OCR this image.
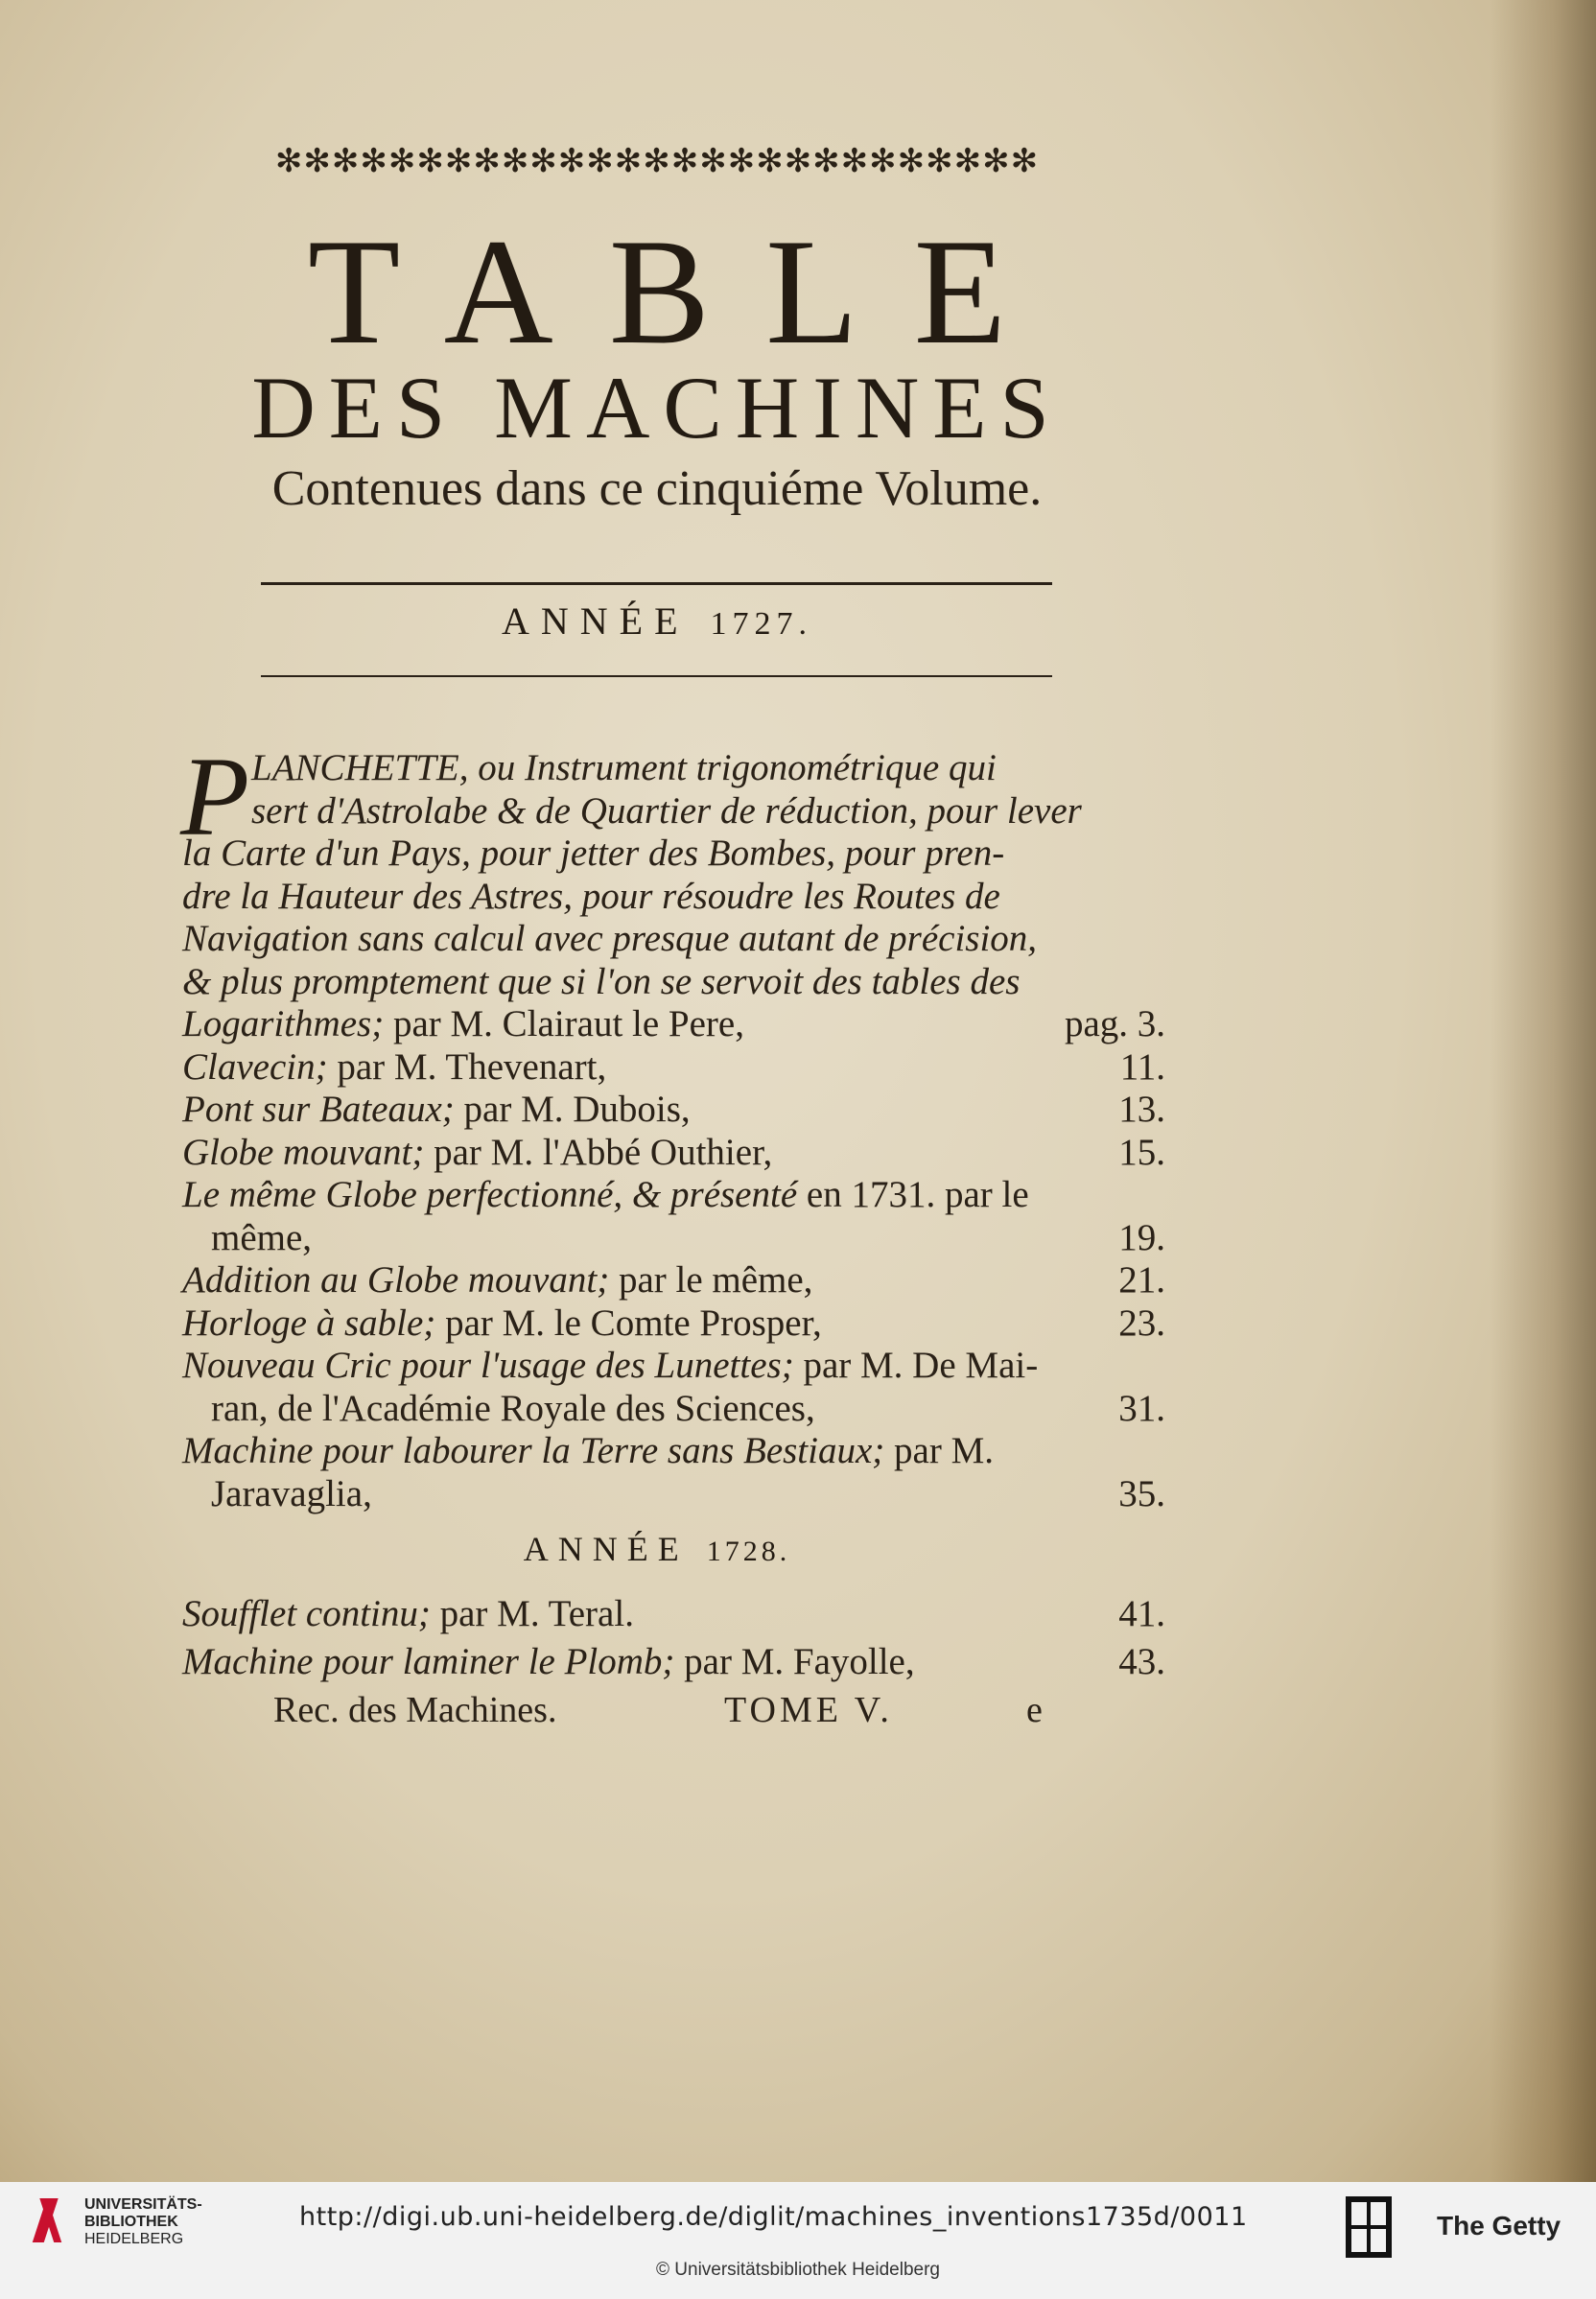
✻✻✻✻✻✻✻✻✻✻✻✻✻✻✻✻✻✻✻✻✻✻✻✻✻✻✻
TABLE
DES MACHINES
Contenues dans ce cinquiéme Volume.
ANNÉE 1727.
P LANCHETTE, ou Instrument trigonométrique qui
sert d'Astrolabe & de Quartier de réduction, pour lever
la Carte d'un Pays, pour jetter des Bombes, pour pren-
dre la Hauteur des Astres, pour résoudre les Routes de
Navigation sans calcul avec presque autant de précision,
& plus promptement que si l'on se servoit des tables des
Logarithmes; par M. Clairaut le Pere,	pag. 3.
Clavecin; par M. Thevenart,	11.
Pont sur Bateaux; par M. Dubois,	13.
Globe mouvant; par M. l'Abbé Outhier,	15.
Le même Globe perfectionné, & présenté en 1731. par le
même,	19.
Addition au Globe mouvant; par le même,	21.
Horloge à sable; par M. le Comte Prosper,	23.
Nouveau Cric pour l'usage des Lunettes; par M. De Mai-
ran, de l'Académie Royale des Sciences,	31.
Machine pour labourer la Terre sans Bestiaux; par M.
Jaravaglia,	35.
ANNÉE 1728.
Soufflet continu; par M. Teral.	41.
Machine pour laminer le Plomb; par M. Fayolle,	43.
Rec. des Machines.	TOME V.	e
UNIVERSITÄTS-
BIBLIOTHEK
HEIDELBERG
http://digi.ub.uni-heidelberg.de/diglit/machines_inventions1735d/0011
© Universitätsbibliothek Heidelberg
The Getty
